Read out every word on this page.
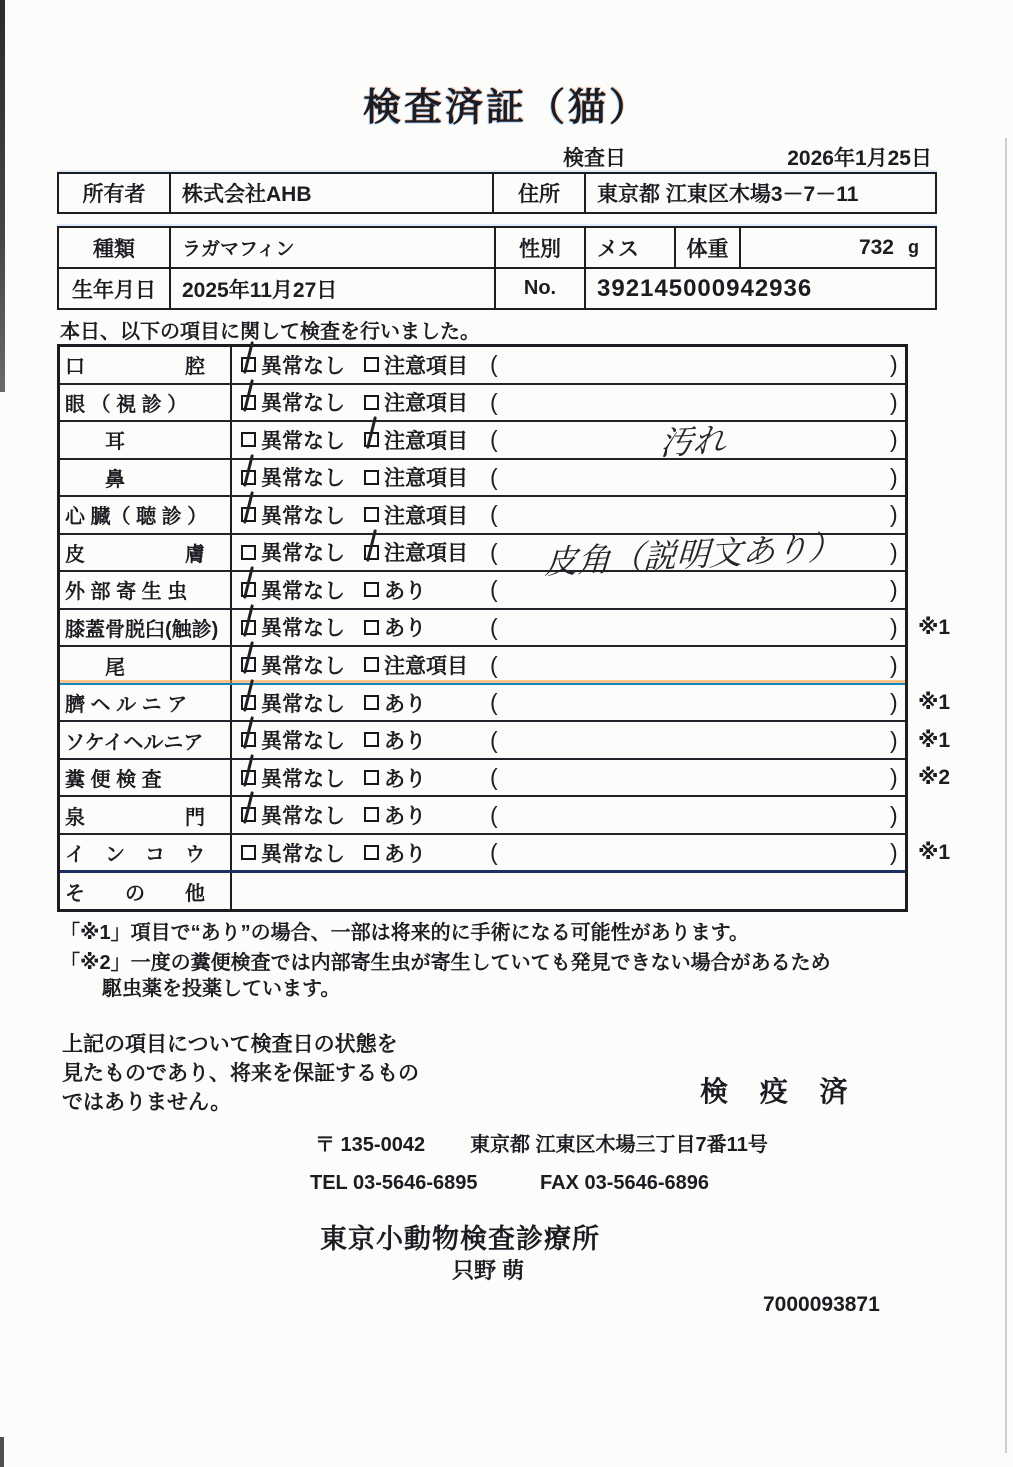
検査済証（猫）
検査日	2026年1月25日
所有者	株式会社AHB	住所	東京都 江東区木場3－7－11
種類	ラガマフィン	性別	メス	体重	732 g
生年月日	2025年11月27日	No.	392145000942936
本日、以下の項目に関して検査を行いました。
口　　　　　腔	異常なし 注意項目 (	)
眼 （ 視 診 ）	異常なし 注意項目 (	)
　　耳	異常なし 注意項目 (	汚れ	)
　　鼻	異常なし 注意項目 (	)
心 臓（ 聴 診 ）	異常なし 注意項目 (	)
皮　　　　　膚	異常なし 注意項目 (	皮角（説明文あり）	)
外 部 寄 生 虫	異常なし あり	(	)
膝蓋骨脱臼(触診)	異常なし あり	(	) ※1
　　尾	異常なし 注意項目 (	)
臍 ヘ ル ニ ア	異常なし あり	(	) ※1
ソケイヘルニア	異常なし あり	(	) ※1
糞 便 検 査	異常なし あり	(	) ※2
泉　　　　　門	異常なし あり	(	)
イ　ン　コ　ウ	異常なし あり	(	) ※1
そ　　の　　他
「※1」項目で“あり”の場合、一部は将来的に手術になる可能性があります。
「※2」一度の糞便検査では内部寄生虫が寄生していても発見できない場合があるため
駆虫薬を投薬しています。
上記の項目について検査日の状態を
見たものであり、将来を保証するもの
ではありません。	検 疫 済
〒 135-0042 東京都 江東区木場三丁目7番11号
TEL 03-5646-6895	FAX 03-5646-6896
東京小動物検査診療所
只野 萌
7000093871
